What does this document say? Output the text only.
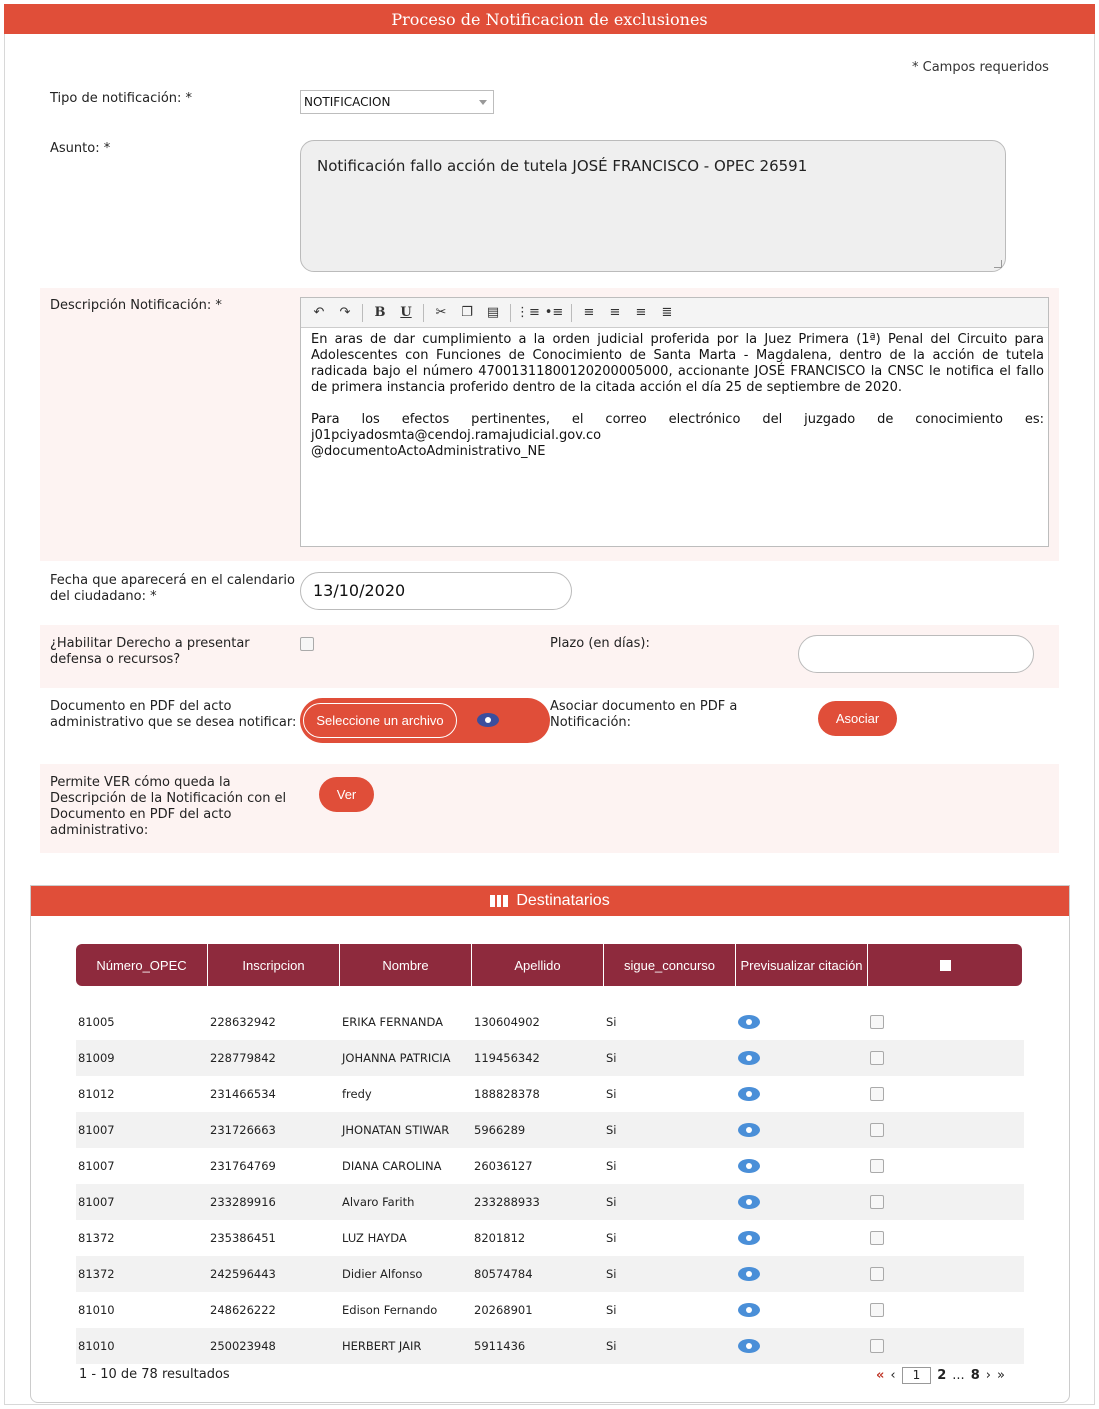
Proceso de Notificacion de exclusiones
* Campos requeridos
Tipo de notificación: *	NOTIFICACION
Asunto: *
Notificación fallo acción de tutela JOSÉ FRANCISCO - OPEC 26591
Descripción Notificación: *	↶	↷	B	U	✂	❐	▤	⋮≡ •≡	≡	≡	≡	≣

En aras de dar cumplimiento a la orden judicial proferida por la Juez Primera (1ª) Penal del Circuito para Adolescentes con Funciones de Conocimiento de Santa Marta - Magdalena, dentro de la acción de tutela radicada bajo el número 47001311800120200005000, accionante JOSÉ FRANCISCO la CNSC le notifica el fallo de primera instancia proferido dentro de la citada acción el día 25 de septiembre de 2020.

Para los efectos pertinentes, el correo electrónico del juzgado de conocimiento es: j01pciyadosmta@cendoj.ramajudicial.gov.co

@documentoActoAdministrativo_NE

Fecha que aparecerá en el calendario
del ciudadano: *	13/10/2020
¿Habilitar Derecho a presentar
defensa o recursos?
Plazo (en días):
Documento en PDF del acto
administrativo que se desea notificar:	Seleccione un archivo
Asociar documento en PDF a
Notificación:	Asociar
Permite VER cómo queda la
Descripción de la Notificación con el
Documento en PDF del acto
administrativo:
Ver
Destinatarios
Número_OPEC	Inscripcion	Nombre	Apellido	sigue_concurso	Previsualizar citación
81005	228632942	ERIKA FERNANDA	130604902	Si
81009	228779842	JOHANNA PATRICIA	119456342	Si
81012	231466534	fredy	188828378	Si
81007	231726663	JHONATAN STIWAR	5966289	Si
81007	231764769	DIANA CAROLINA	26036127	Si
81007	233289916	Alvaro Farith	233288933	Si
81372	235386451	LUZ HAYDA	8201812	Si
81372	242596443	Didier Alfonso	80574784	Si
81010	248626222	Edison Fernando	20268901	Si
81010	250023948	HERBERT JAIR	5911436	Si
1 - 10 de 78 resultados	« ‹	1	2 ... 8 › »
